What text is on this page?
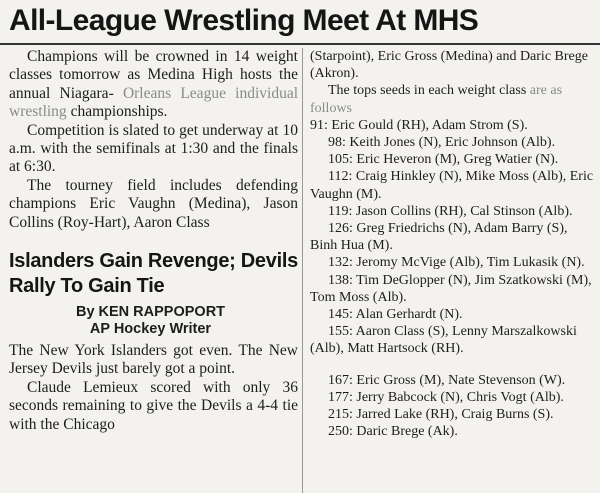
All-League Wrestling Meet At MHS

Champions will be crowned in 14 weight classes tomorrow as Medina High hosts the annual Niagara- Orleans League individual wrestling championships.

Competition is slated to get underway at 10 a.m. with the semifinals at 1:30 and the finals at 6:30.

The tourney field includes defending champions Eric Vaughn (Medina), Jason Collins (Roy-Hart), Aaron Class

Islanders Gain Revenge; Devils Rally To Gain Tie
By KEN RAPPOPORT
AP Hockey Writer

The New York Islanders got even. The New Jersey Devils just barely got a point.

Claude Lemieux scored with only 36 seconds remaining to give the Devils a 4-4 tie with the Chicago

(Starpoint), Eric Gross (Medina) and Daric Brege (Akron).

The tops seeds in each weight class are as follows

91: Eric Gould (RH), Adam Strom (S).

98: Keith Jones (N), Eric Johnson (Alb).

105: Eric Heveron (M), Greg Watier (N).

112: Craig Hinkley (N), Mike Moss (Alb), Eric Vaughn (M).

119: Jason Collins (RH), Cal Stinson (Alb).

126: Greg Friedrichs (N), Adam Barry (S), Binh Hua (M).

132: Jeromy McVige (Alb), Tim Lukasik (N).

138: Tim DeGlopper (N), Jim Szatkowski (M), Tom Moss (Alb).

145: Alan Gerhardt (N).

155: Aaron Class (S), Lenny Marszalkowski (Alb), Matt Hartsock (RH).

167: Eric Gross (M), Nate Stevenson (W).

177: Jerry Babcock (N), Chris Vogt (Alb).

215: Jarred Lake (RH), Craig Burns (S).

250: Daric Brege (Ak).
